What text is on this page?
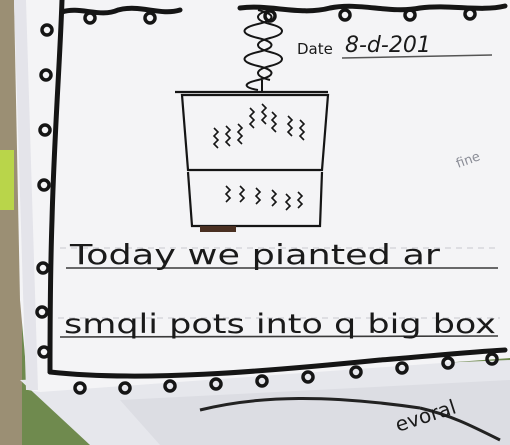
evoral
Date 8-d-201
fine
Today we pianted ar
smqli pots into q big box
